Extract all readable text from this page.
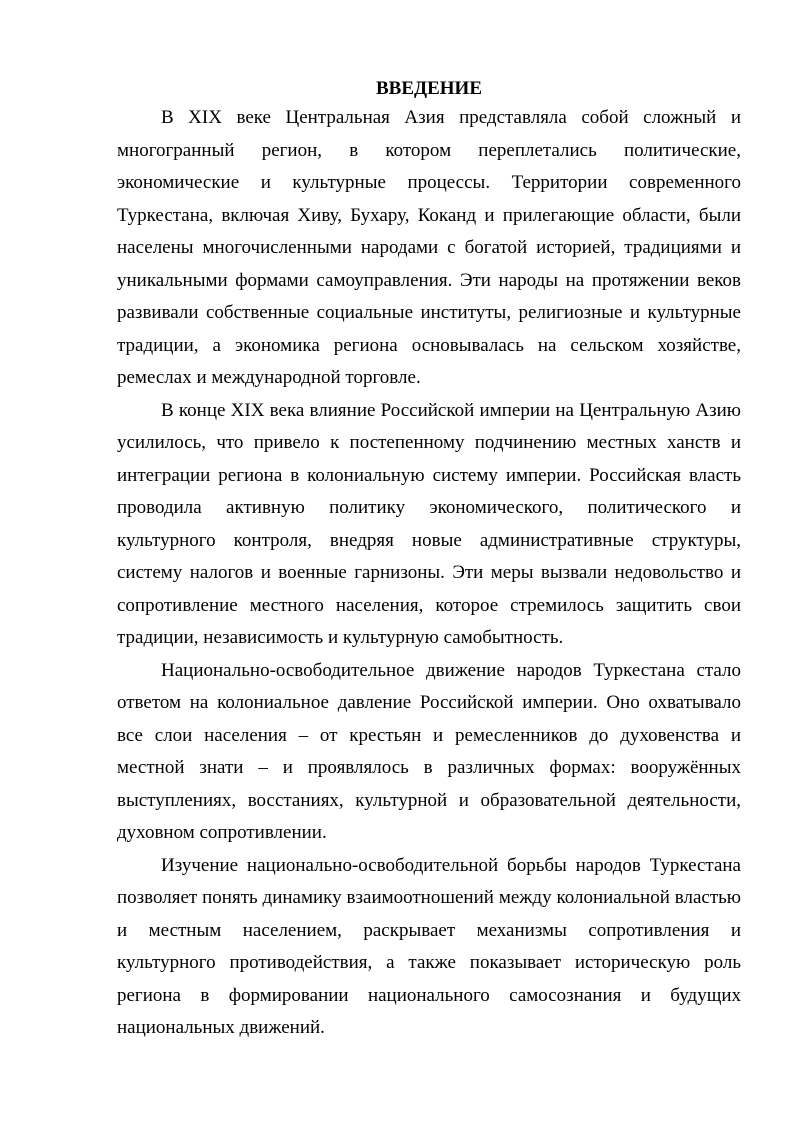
ВВЕДЕНИЕ

В XIX веке Центральная Азия представляла собой сложный и многогранный регион, в котором переплетались политические, экономические и культурные процессы. Территории современного Туркестана, включая Хиву, Бухару, Коканд и прилегающие области, были населены многочисленными народами с богатой историей, традициями и уникальными формами самоуправления. Эти народы на протяжении веков развивали собственные социальные институты, религиозные и культурные традиции, а экономика региона основывалась на сельском хозяйстве, ремеслах и международной торговле.

В конце XIX века влияние Российской империи на Центральную Азию усилилось, что привело к постепенному подчинению местных ханств и интеграции региона в колониальную систему империи. Российская власть проводила активную политику экономического, политического и культурного контроля, внедряя новые административные структуры, систему налогов и военные гарнизоны. Эти меры вызвали недовольство и сопротивление местного населения, которое стремилось защитить свои традиции, независимость и культурную самобытность.

Национально-освободительное движение народов Туркестана стало ответом на колониальное давление Российской империи. Оно охватывало все слои населения – от крестьян и ремесленников до духовенства и местной знати – и проявлялось в различных формах: вооружённых выступлениях, восстаниях, культурной и образовательной деятельности, духовном сопротивлении.

Изучение национально-освободительной борьбы народов Туркестана позволяет понять динамику взаимоотношений между колониальной властью и местным населением, раскрывает механизмы сопротивления и культурного противодействия, а также показывает историческую роль региона в формировании национального самосознания и будущих национальных движений.
